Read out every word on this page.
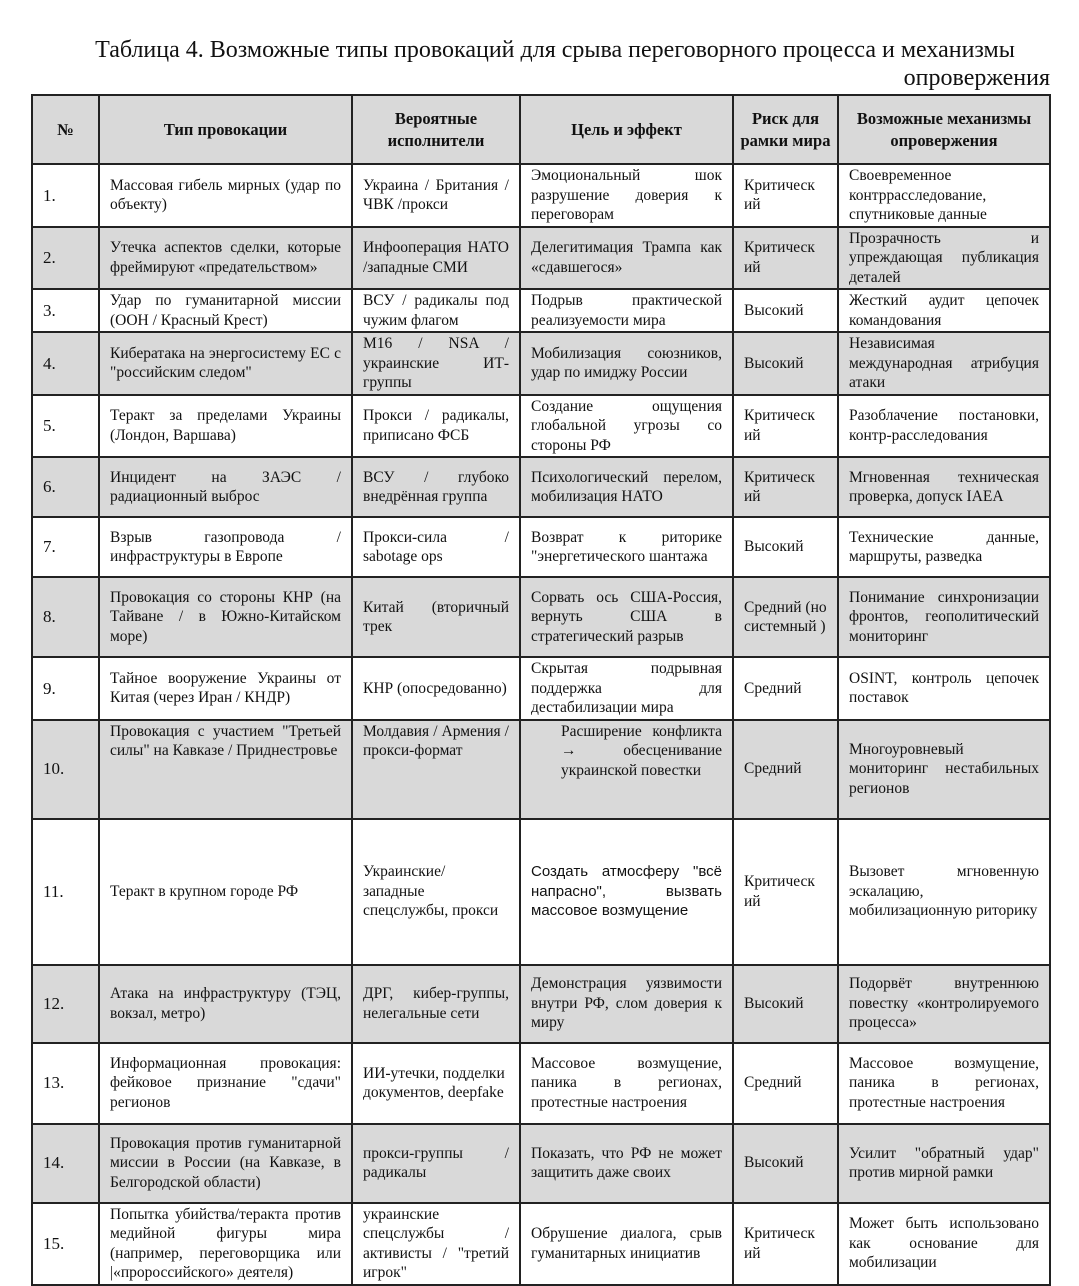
Таблица 4. Возможные типы провокаций для срыва переговорного процесса и механизмы
опровержения
№	Тип провокации	Вероятные исполнители	Цель и эффект	Риск для рамки мира	Возможные механизмы опровержения
1.	Массовая гибель мирных (удар по объекту)	Украина / Британия / ЧВК /прокси	Эмоциональный шок разрушение доверия к переговорам	Критическ ий	Своевременное контррасследование, спутниковые данные
2.	Утечка аспектов сделки, которые фреймируют «предательством»	Инфооперация НАТО /западные СМИ	Делегитимация Трампа как «сдавшегося»	Критическ ий	Прозрачность и упреждающая публикация деталей
3.	Удар по гуманитарной миссии (ООН / Красный Крест)	ВСУ / радикалы под чужим флагом	Подрыв практической реализуемости мира	Высокий	Жесткий аудит цепочек командования
4.	Кибератака на энергосистему ЕС с "российским следом"	М16 / NSA / украинские ИТ-группы	Мобилизация союзников, удар по имиджу России	Высокий	Независимая международная атрибуция атаки
5.	Теракт за пределами Украины (Лондон, Варшава)	Прокси / радикалы, приписано ФСБ	Создание ощущения глобальной угрозы со стороны РФ	Критическ ий	Разоблачение постановки, контр-расследования
6.	Инцидент на ЗАЭС /радиационный выброс	ВСУ / глубоко внедрённая группа	Психологический перелом, мобилизация НАТО	Критическ ий	Мгновенная техническая проверка, допуск IAEA
7.	Взрыв газопровода /инфраструктуры в Европе	Прокси-сила / sabotage ops	Возврат к риторике "энергетического шантажа	Высокий	Технические данные, маршруты, разведка
8.	Провокация со стороны КНР (на Тайване / в Южно-Китайском море)	Китай (вторичный трек	Сорвать ось США-Россия, вернуть США в стратегический разрыв	Средний (но системный )	Понимание синхронизации фронтов, геополитический мониторинг
9.	Тайное вооружение Украины от Китая (через Иран / КНДР)	КНР (опосредованно)	Скрытая подрывная поддержка для дестабилизации мира	Средний	OSINT, контроль цепочек поставок
10.	Провокация с участием "Третьей силы" на Кавказе / Приднестровье	Молдавия / Армения / прокси-формат	Расширение конфликта → обесценивание украинской повестки	Средний	Многоуровневый мониторинг нестабильных регионов
11.	Теракт в крупном городе РФ	Украинские/ западные спецслужбы, прокси	Создать атмосферу "всё напрасно", вызвать массовое возмущение	Критическ ий	Вызовет мгновенную эскалацию, мобилизационную риторику
12.	Атака на инфраструктуру (ТЭЦ, вокзал, метро)	ДРГ, кибер-группы, нелегальные сети	Демонстрация уязвимости внутри РФ, слом доверия к миру	Высокий	Подорвёт внутреннюю повестку «контролируемого процесса»
13.	Информационная провокация: фейковое признание "сдачи" регионов	ИИ-утечки, подделки документов, deepfake	Массовое возмущение, паника в регионах, протестные настроения	Средний	Массовое возмущение, паника в регионах, протестные настроения
14.	Провокация против гуманитарной миссии в России (на Кавказе, в Белгородской области)	прокси-группы / радикалы	Показать, что РФ не может защитить даже своих	Высокий	Усилит "обратный удар" против мирной рамки
15.	Попытка убийства/теракта против медийной фигуры мира (например, переговорщика или |«пророссийского» деятеля)	украинские спецслужбы /активисты / "третий игрок"	Обрушение диалога, срыв гуманитарных инициатив	Критическ ий	Может быть использовано как основание для мобилизации
